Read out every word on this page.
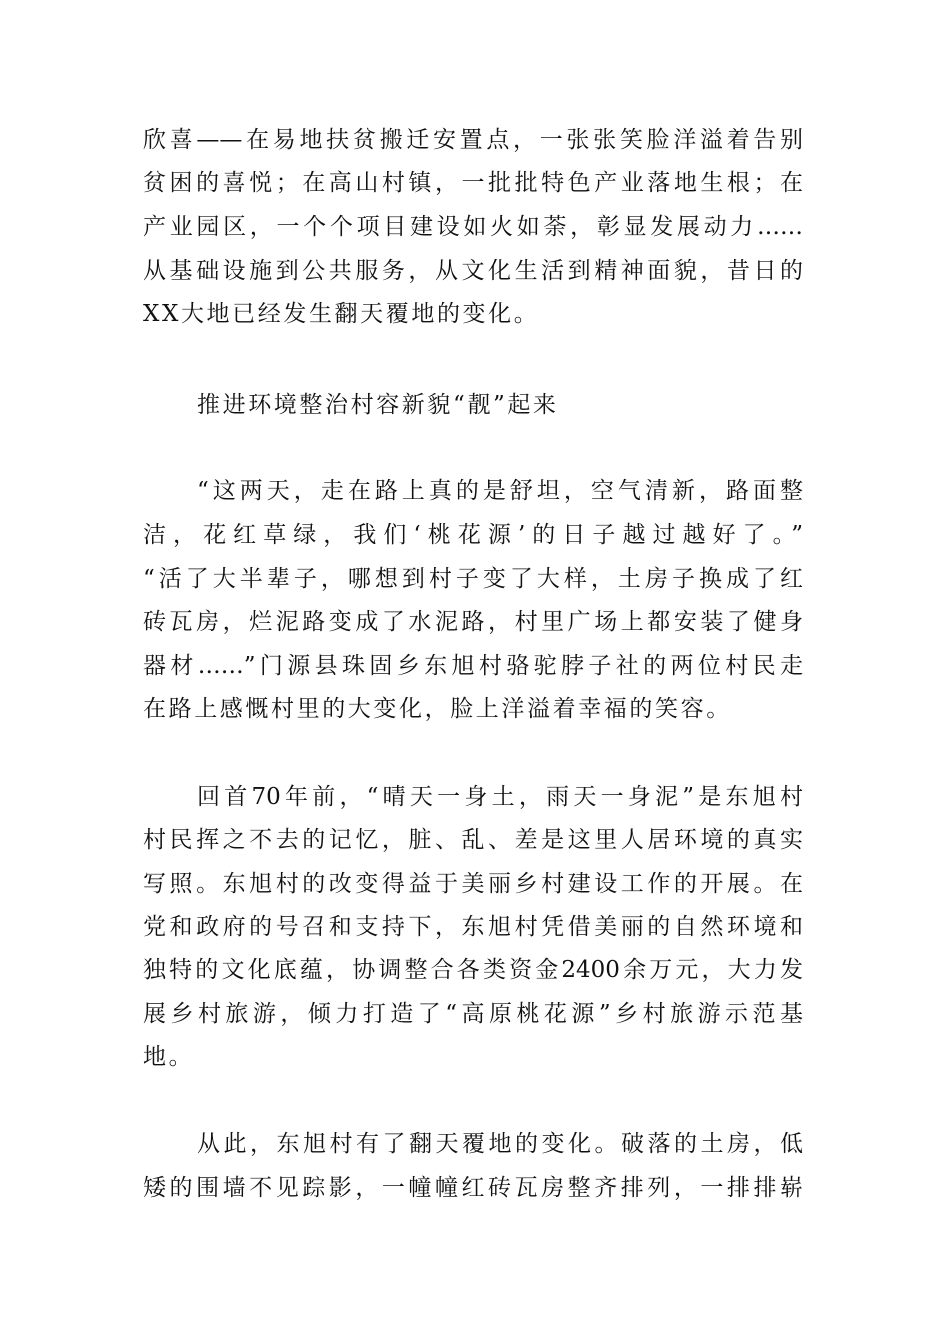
欣喜——在易地扶贫搬迁安置点，一张张笑脸洋溢着告别
贫困的喜悦；在高山村镇，一批批特色产业落地生根；在
产业园区，一个个项目建设如火如荼，彰显发展动力……
从基础设施到公共服务，从文化生活到精神面貌，昔日的
XX大地已经发生翻天覆地的变化。
推进环境整治村容新貌“靓”起来
“这两天，走在路上真的是舒坦，空气清新，路面整
洁，花红草绿，我们‘桃花源’的日子越过越好了。”
“活了大半辈子，哪想到村子变了大样，土房子换成了红
砖瓦房，烂泥路变成了水泥路，村里广场上都安装了健身
器材……”门源县珠固乡东旭村骆驼脖子社的两位村民走
在路上感慨村里的大变化，脸上洋溢着幸福的笑容。
回首70年前，“晴天一身土，雨天一身泥”是东旭村
村民挥之不去的记忆，脏、乱、差是这里人居环境的真实
写照。东旭村的改变得益于美丽乡村建设工作的开展。在
党和政府的号召和支持下，东旭村凭借美丽的自然环境和
独特的文化底蕴，协调整合各类资金2400余万元，大力发
展乡村旅游，倾力打造了“高原桃花源”乡村旅游示范基
地。
从此，东旭村有了翻天覆地的变化。破落的土房，低
矮的围墙不见踪影，一幢幢红砖瓦房整齐排列，一排排崭
